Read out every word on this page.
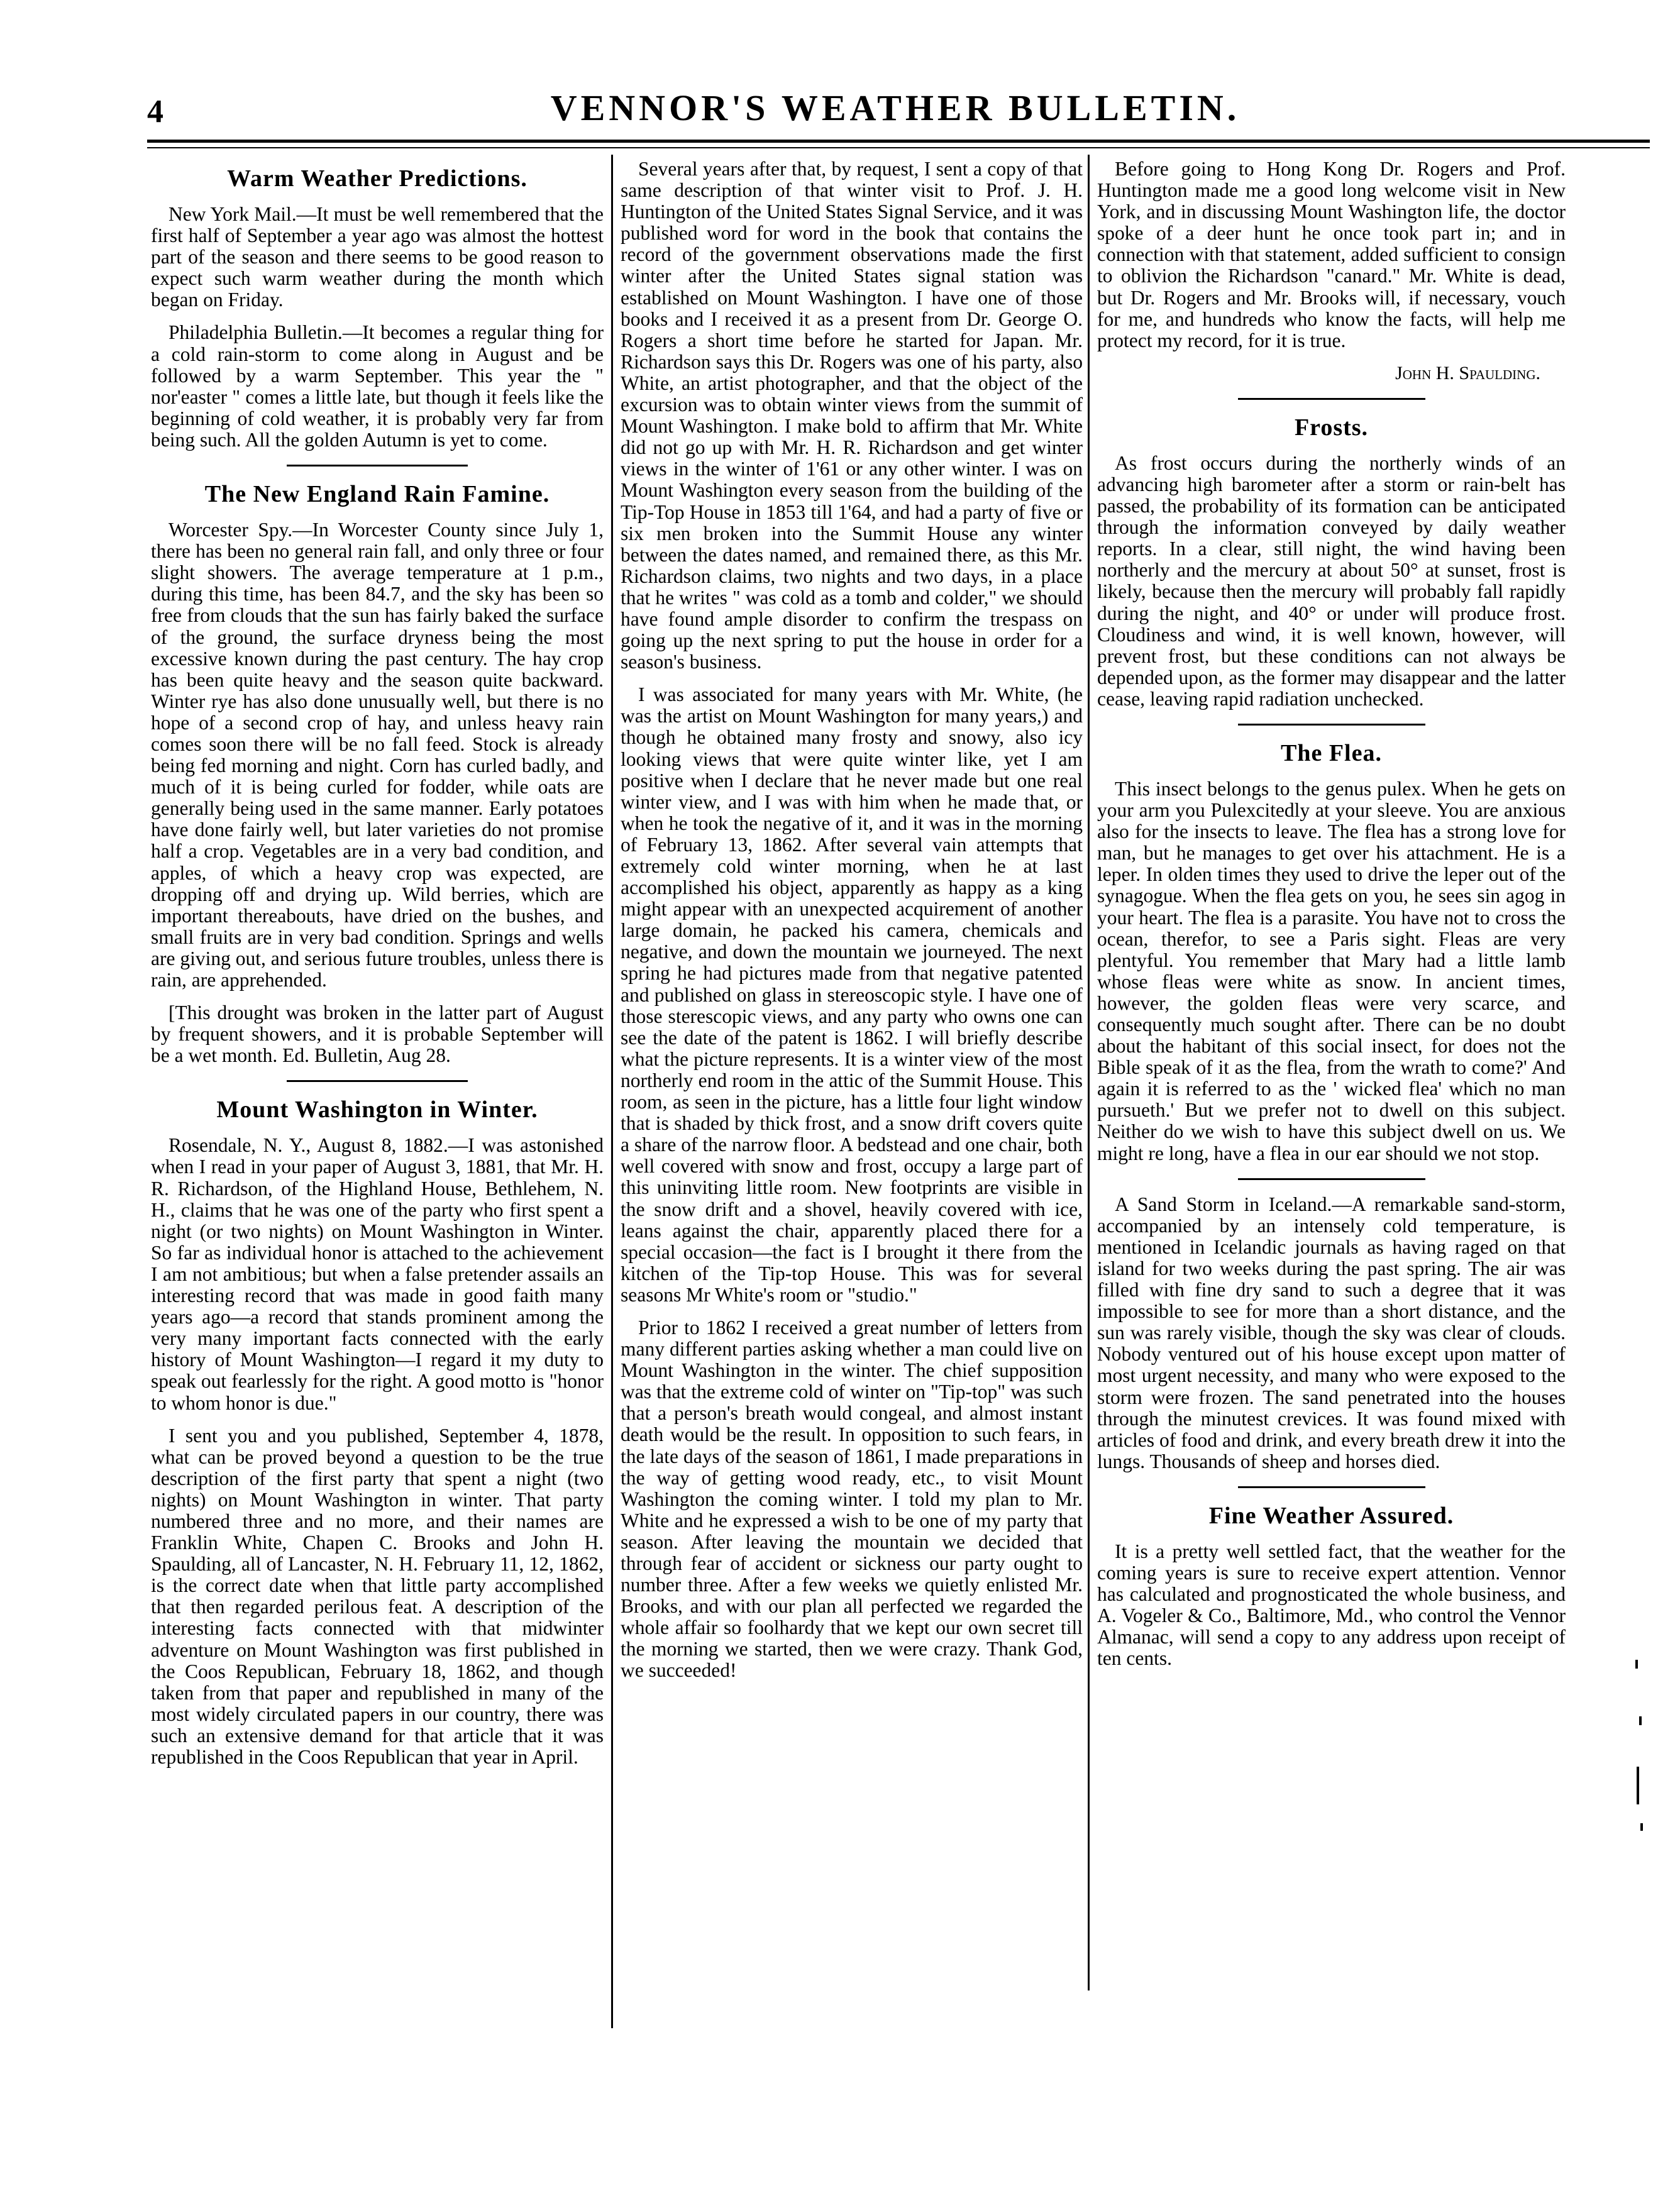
4	VENNOR'S WEATHER BULLETIN.
Warm Weather Predictions.

New York Mail.—It must be well remembered that the first half of September a year ago was almost the hottest part of the season and there seems to be good reason to expect such warm weather during the month which began on Friday.

Philadelphia Bulletin.—It becomes a regular thing for a cold rain-storm to come along in August and be followed by a warm September. This year the " nor'easter " comes a little late, but though it feels like the beginning of cold weather, it is probably very far from being such. All the golden Autumn is yet to come.

The New England Rain Famine.

Worcester Spy.—In Worcester County since July 1, there has been no general rain fall, and only three or four slight showers. The average temperature at 1 p.m., during this time, has been 84.7, and the sky has been so free from clouds that the sun has fairly baked the surface of the ground, the surface dryness being the most excessive known during the past century. The hay crop has been quite heavy and the season quite backward. Winter rye has also done unusually well, but there is no hope of a second crop of hay, and unless heavy rain comes soon there will be no fall feed. Stock is already being fed morning and night. Corn has curled badly, and much of it is being curled for fodder, while oats are generally being used in the same manner. Early potatoes have done fairly well, but later varieties do not promise half a crop. Vegetables are in a very bad condition, and apples, of which a heavy crop was expected, are dropping off and drying up. Wild berries, which are important thereabouts, have dried on the bushes, and small fruits are in very bad condition. Springs and wells are giving out, and serious future troubles, unless there is rain, are apprehended.

[This drought was broken in the latter part of August by frequent showers, and it is probable September will be a wet month. Ed. Bulletin, Aug 28.

Mount Washington in Winter.

Rosendale, N. Y., August 8, 1882.—I was astonished when I read in your paper of August 3, 1881, that Mr. H. R. Richardson, of the Highland House, Bethlehem, N. H., claims that he was one of the party who first spent a night (or two nights) on Mount Washington in Winter. So far as individual honor is attached to the achievement I am not ambitious; but when a false pretender assails an interesting record that was made in good faith many years ago—a record that stands prominent among the very many important facts connected with the early history of Mount Washington—I regard it my duty to speak out fearlessly for the right. A good motto is "honor to whom honor is due."

I sent you and you published, September 4, 1878, what can be proved beyond a question to be the true description of the first party that spent a night (two nights) on Mount Washington in winter. That party numbered three and no more, and their names are Franklin White, Chapen C. Brooks and John H. Spaulding, all of Lancaster, N. H. February 11, 12, 1862, is the correct date when that little party accomplished that then regarded perilous feat. A description of the interesting facts connected with that midwinter adventure on Mount Washington was first published in the Coos Republican, February 18, 1862, and though taken from that paper and republished in many of the most widely circulated papers in our country, there was such an extensive demand for that article that it was republished in the Coos Republican that year in April.

Several years after that, by request, I sent a copy of that same description of that winter visit to Prof. J. H. Huntington of the United States Signal Service, and it was published word for word in the book that contains the record of the government observations made the first winter after the United States signal station was established on Mount Washington. I have one of those books and I received it as a present from Dr. George O. Rogers a short time before he started for Japan. Mr. Richardson says this Dr. Rogers was one of his party, also White, an artist photographer, and that the object of the excursion was to obtain winter views from the summit of Mount Washington. I make bold to affirm that Mr. White did not go up with Mr. H. R. Richardson and get winter views in the winter of 1'61 or any other winter. I was on Mount Washington every season from the building of the Tip-Top House in 1853 till 1'64, and had a party of five or six men broken into the Summit House any winter between the dates named, and remained there, as this Mr. Richardson claims, two nights and two days, in a place that he writes " was cold as a tomb and colder," we should have found ample disorder to confirm the trespass on going up the next spring to put the house in order for a season's business.

I was associated for many years with Mr. White, (he was the artist on Mount Washington for many years,) and though he obtained many frosty and snowy, also icy looking views that were quite winter like, yet I am positive when I declare that he never made but one real winter view, and I was with him when he made that, or when he took the negative of it, and it was in the morning of February 13, 1862. After several vain attempts that extremely cold winter morning, when he at last accomplished his object, apparently as happy as a king might appear with an unexpected acquirement of another large domain, he packed his camera, chemicals and negative, and down the mountain we journeyed. The next spring he had pictures made from that negative patented and published on glass in stereoscopic style. I have one of those sterescopic views, and any party who owns one can see the date of the patent is 1862. I will briefly describe what the picture represents. It is a winter view of the most northerly end room in the attic of the Summit House. This room, as seen in the picture, has a little four light window that is shaded by thick frost, and a snow drift covers quite a share of the narrow floor. A bedstead and one chair, both well covered with snow and frost, occupy a large part of this uninviting little room. New footprints are visible in the snow drift and a shovel, heavily covered with ice, leans against the chair, apparently placed there for a special occasion—the fact is I brought it there from the kitchen of the Tip-top House. This was for several seasons Mr White's room or "studio."

Prior to 1862 I received a great number of letters from many different parties asking whether a man could live on Mount Washington in the winter. The chief supposition was that the extreme cold of winter on "Tip-top" was such that a person's breath would congeal, and almost instant death would be the result. In opposition to such fears, in the late days of the season of 1861, I made preparations in the way of getting wood ready, etc., to visit Mount Washington the coming winter. I told my plan to Mr. White and he expressed a wish to be one of my party that season. After leaving the mountain we decided that through fear of accident or sickness our party ought to number three. After a few weeks we quietly enlisted Mr. Brooks, and with our plan all perfected we regarded the whole affair so foolhardy that we kept our own secret till the morning we started, then we were crazy. Thank God, we succeeded!

Before going to Hong Kong Dr. Rogers and Prof. Huntington made me a good long welcome visit in New York, and in discussing Mount Washington life, the doctor spoke of a deer hunt he once took part in; and in connection with that statement, added sufficient to consign to oblivion the Richardson "canard." Mr. White is dead, but Dr. Rogers and Mr. Brooks will, if necessary, vouch for me, and hundreds who know the facts, will help me protect my record, for it is true.

John H. Spaulding.
Frosts.

As frost occurs during the northerly winds of an advancing high barometer after a storm or rain-belt has passed, the probability of its formation can be anticipated through the information conveyed by daily weather reports. In a clear, still night, the wind having been northerly and the mercury at about 50° at sunset, frost is likely, because then the mercury will probably fall rapidly during the night, and 40° or under will produce frost. Cloudiness and wind, it is well known, however, will prevent frost, but these conditions can not always be depended upon, as the former may disappear and the latter cease, leaving rapid radiation unchecked.

The Flea.

This insect belongs to the genus pulex. When he gets on your arm you Pulexcitedly at your sleeve. You are anxious also for the insects to leave. The flea has a strong love for man, but he manages to get over his attachment. He is a leper. In olden times they used to drive the leper out of the synagogue. When the flea gets on you, he sees sin agog in your heart. The flea is a parasite. You have not to cross the ocean, therefor, to see a Paris sight. Fleas are very plentyful. You remember that Mary had a little lamb whose fleas were white as snow. In ancient times, however, the golden fleas were very scarce, and consequently much sought after. There can be no doubt about the habitant of this social insect, for does not the Bible speak of it as the flea, from the wrath to come?' And again it is referred to as the ' wicked flea' which no man pursueth.' But we prefer not to dwell on this subject. Neither do we wish to have this subject dwell on us. We might re long, have a flea in our ear should we not stop.

A Sand Storm in Iceland.—A remarkable sand-storm, accompanied by an intensely cold temperature, is mentioned in Icelandic journals as having raged on that island for two weeks during the past spring. The air was filled with fine dry sand to such a degree that it was impossible to see for more than a short distance, and the sun was rarely visible, though the sky was clear of clouds. Nobody ventured out of his house except upon matter of most urgent necessity, and many who were exposed to the storm were frozen. The sand penetrated into the houses through the minutest crevices. It was found mixed with articles of food and drink, and every breath drew it into the lungs. Thousands of sheep and horses died.

Fine Weather Assured.

It is a pretty well settled fact, that the weather for the coming years is sure to receive expert attention. Vennor has calculated and prognosticated the whole business, and A. Vogeler & Co., Baltimore, Md., who control the Vennor Almanac, will send a copy to any address upon receipt of ten cents.
